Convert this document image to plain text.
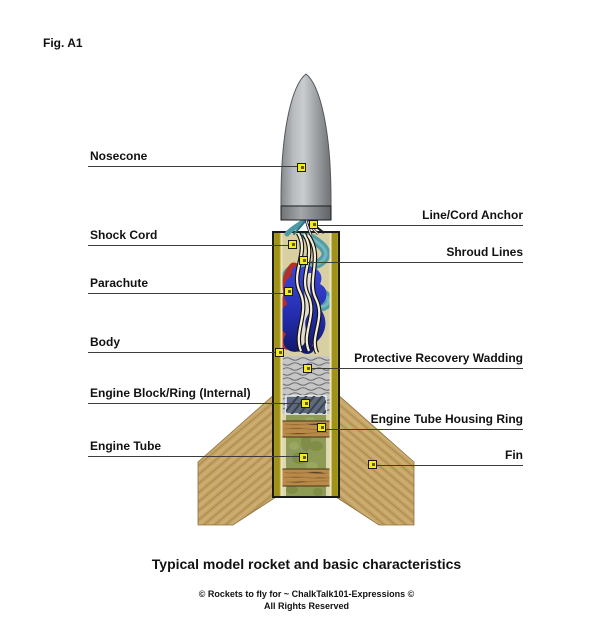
Fig. A1
Nosecone
Shock Cord
Parachute
Body
Engine Block/Ring (Internal)
Engine Tube
Line/Cord Anchor
Shroud Lines
Protective Recovery Wadding
Engine Tube Housing Ring
Fin
Typical model rocket and basic characteristics
© Rockets to fly for ~ ChalkTalk101-Expressions ©
All Rights Reserved
